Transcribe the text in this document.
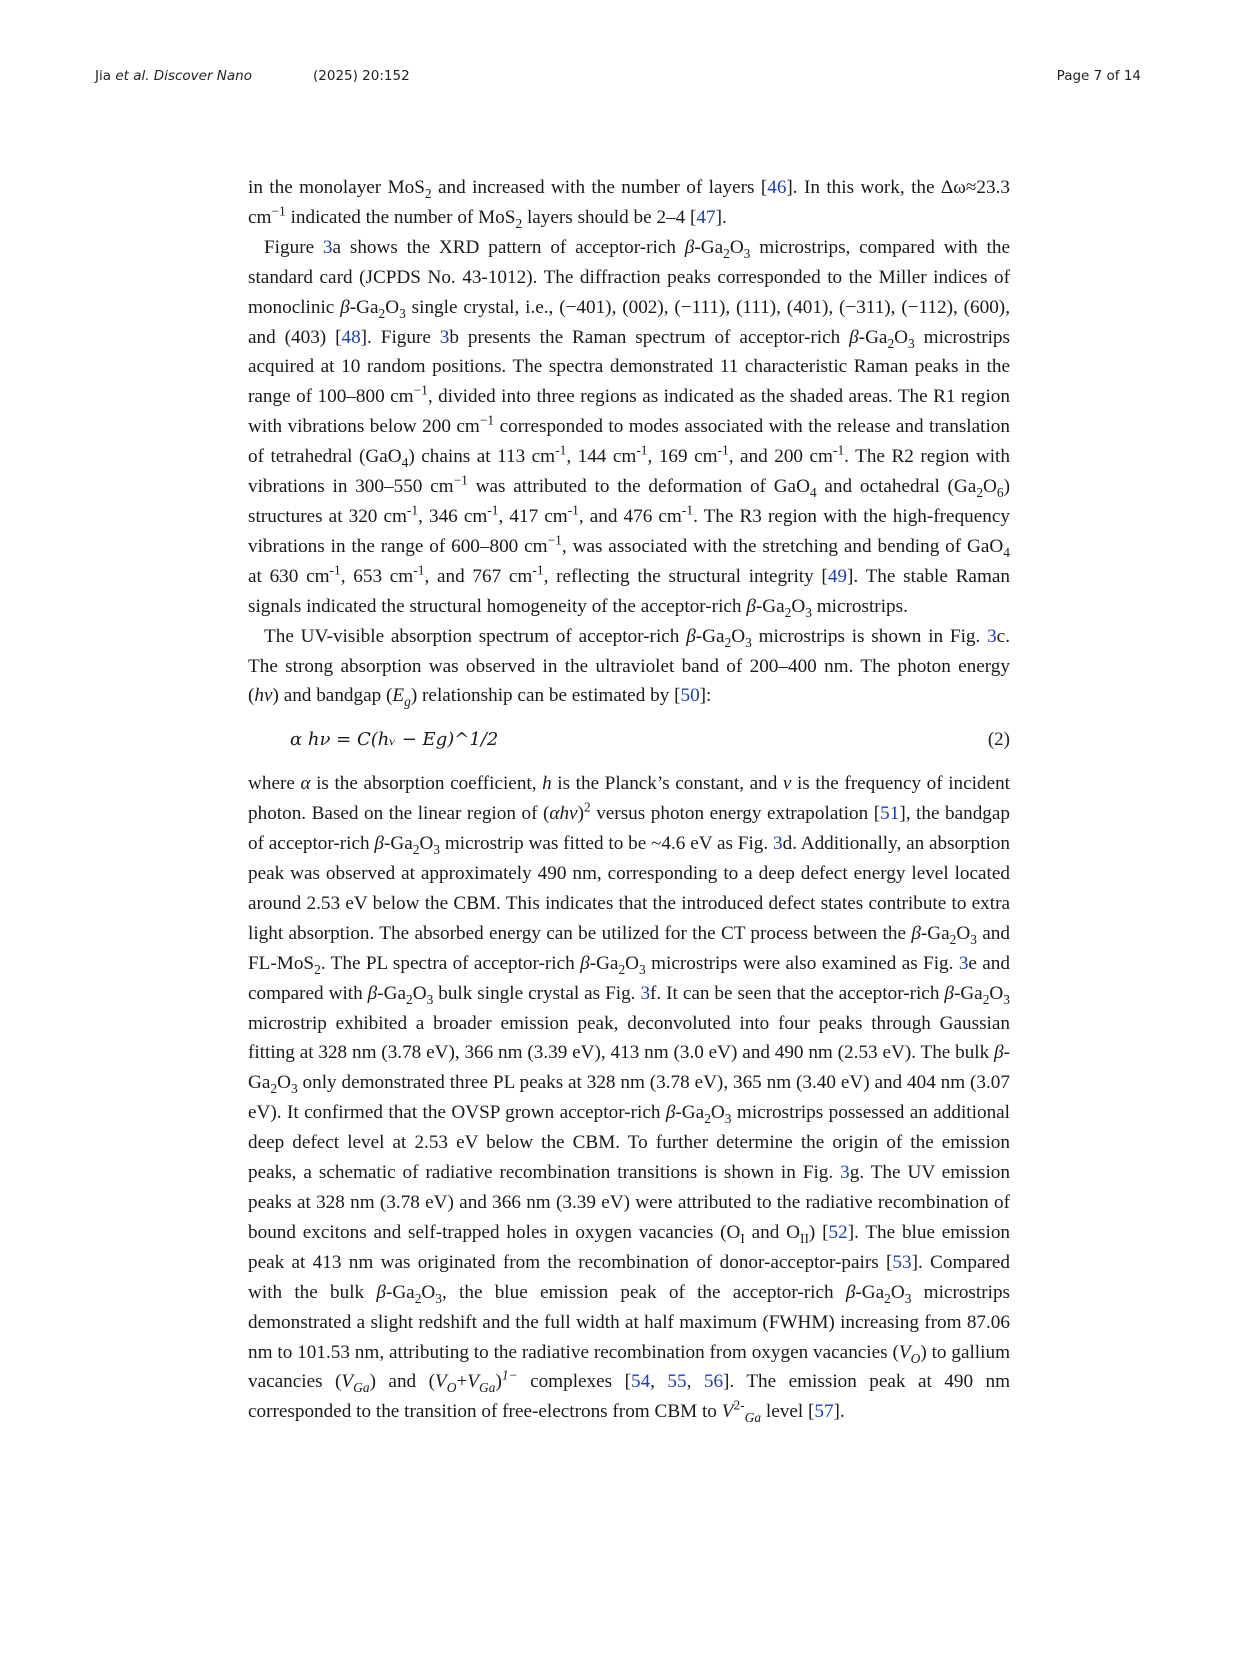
Jia et al. Discover Nano	(2025) 20:152	Page 7 of 14

in the monolayer MoS$_2$ and increased with the number of layers [46]. In this work, the Δω≈23.3 $cm^{-1}$ indicated the number of MoS$_2$ layers should be 2–4 [47].

Figure 3a shows the XRD pattern of acceptor-rich $\beta-Ga_2O_3$ microstrips, compared with the standard card (JCPDS No. 43-1012). The diffraction peaks corresponded to the Miller indices of monoclinic $\beta-Ga_2O_3$ single crystal, i.e., (−401), (002), (−111), (111), (401), (−311), (−112), (600), and (403) [48]. Figure 3b presents the Raman spectrum of acceptor-rich $\beta-Ga_2O_3$ microstrips acquired at 10 random positions. The spectra demonstrated 11 characteristic Raman peaks in the range of 100–800 $cm^{-1}$, divided into three regions as indicated as the shaded areas. The R1 region with vibrations below 200 $cm^{-1}$ corresponded to modes associated with the release and translation of tetrahedral (GaO$_4$) chains at 113 $cm^{-1}$, 144 $cm^{-1}$, 169 $cm^{-1}$, and 200 $cm^{-1}$. The R2 region with vibrations in 300–550 $cm^{-1}$ was attributed to the deformation of GaO$_4$ and octahedral $(Ga_2O_6)$ structures at 320 $cm^{-1}$, 346 $cm^{-1}$, 417 $cm^{-1}$, and 476 $cm^{-1}$. The R3 region with the high-frequency vibrations in the range of 600–800 $cm^{-1}$, was associated with the stretching and bending of GaO$_4$ at 630 $cm^{-1}$, 653 $cm^{-1}$, and 767 $cm^{-1}$, reflecting the structural integrity [49]. The stable Raman signals indicated the structural homogeneity of the acceptor-rich $\beta-Ga_2O_3$ microstrips.

The UV-visible absorption spectrum of acceptor-rich $\beta-Ga_2O_3$ microstrips is shown in Fig. 3c. The strong absorption was observed in the ultraviolet band of 200–400 nm. The photon energy (hν) and bandgap $(E_g)$ relationship can be estimated by [50]:

α hν = C(hᵥ − Eg)^1/2	(2)

where α is the absorption coefficient, h is the Planck’s constant, and ν is the frequency of incident photon. Based on the linear region of $(\alpha h\nu)^2$ versus photon energy extrapolation [51], the bandgap of acceptor-rich $\beta-Ga_2O_3$ microstrip was fitted to be ~4.6 eV as Fig. 3d. Additionally, an absorption peak was observed at approximately 490 nm, corresponding to a deep defect energy level located around 2.53 eV below the CBM. This indicates that the introduced defect states contribute to extra light absorption. The absorbed energy can be utilized for the CT process between the $\beta-Ga_2O_3$ and FL-MoS$_2$. The PL spectra of acceptor-rich $\beta-Ga_2O_3$ microstrips were also examined as Fig. 3e and compared with $\beta-Ga_2O_3$ bulk single crystal as Fig. 3f. It can be seen that the acceptor-rich $\beta-Ga_2O_3$ microstrip exhibited a broader emission peak, deconvoluted into four peaks through Gaussian fitting at 328 nm (3.78 eV), 366 nm (3.39 eV), 413 nm (3.0 eV) and 490 nm (2.53 eV). The bulk $\beta-Ga_2O_3$ only demonstrated three PL peaks at 328 nm (3.78 eV), 365 nm (3.40 eV) and 404 nm (3.07 eV). It confirmed that the OVSP grown acceptor-rich $\beta-Ga_2O_3$ microstrips possessed an additional deep defect level at 2.53 eV below the CBM. To further determine the origin of the emission peaks, a schematic of radiative recombination transitions is shown in Fig. 3g. The UV emission peaks at 328 nm (3.78 eV) and 366 nm (3.39 eV) were attributed to the radiative recombination of bound excitons and self-trapped holes in oxygen vacancies ($O_I$ and $O_{II}$) [52]. The blue emission peak at 413 nm was originated from the recombination of donor-acceptor-pairs [53]. Compared with the bulk $\beta-Ga_2O_3$, the blue emission peak of the acceptor-rich $\beta-Ga_2O_3$ microstrips demonstrated a slight redshift and the full width at half maximum (FWHM) increasing from 87.06 nm to 101.53 nm, attributing to the radiative recombination from oxygen vacancies $(V_O)$ to gallium vacancies $(V_{Ga})$ and $(V_O+V_{Ga})^{1-}$ complexes [54, 55, 56]. The emission peak at 490 nm corresponded to the transition of free-electrons from CBM to $V^{2-}_{Ga}$ level [57].
